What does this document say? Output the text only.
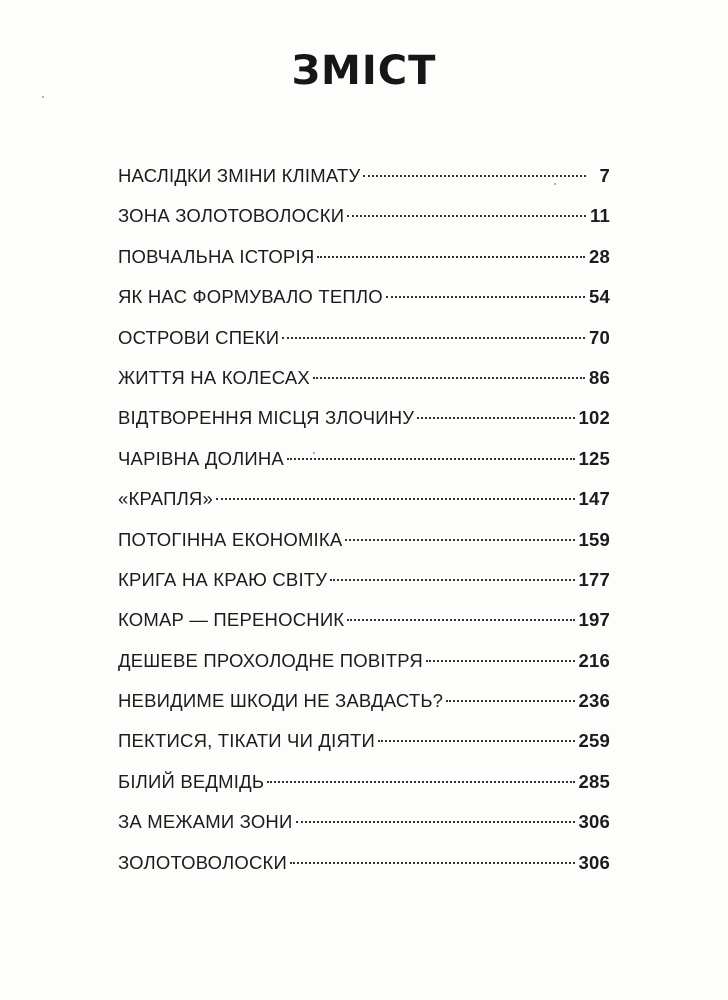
ЗМІСТ
НАСЛІДКИ ЗМІНИ КЛІМАТУ	7
ЗОНА ЗОЛОТОВОЛОСКИ	11
ПОВЧАЛЬНА ІСТОРІЯ	28
ЯК НАС ФОРМУВАЛО ТЕПЛО	54
ОСТРОВИ СПЕКИ	70
ЖИТТЯ НА КОЛЕСАХ	86
ВІДТВОРЕННЯ МІСЦЯ ЗЛОЧИНУ	102
ЧАРІВНА ДОЛИНА	125
«КРАПЛЯ»	147
ПОТОГІННА ЕКОНОМІКА	159
КРИГА НА КРАЮ СВІТУ	177
КОМАР — ПЕРЕНОСНИК	197
ДЕШЕВЕ ПРОХОЛОДНЕ ПОВІТРЯ	216
НЕВИДИМЕ ШКОДИ НЕ ЗАВДАСТЬ?	236
ПЕКТИСЯ, ТІКАТИ ЧИ ДІЯТИ	259
БІЛИЙ ВЕДМІДЬ	285
ЗА МЕЖАМИ ЗОНИ	306
ЗОЛОТОВОЛОСКИ	306
